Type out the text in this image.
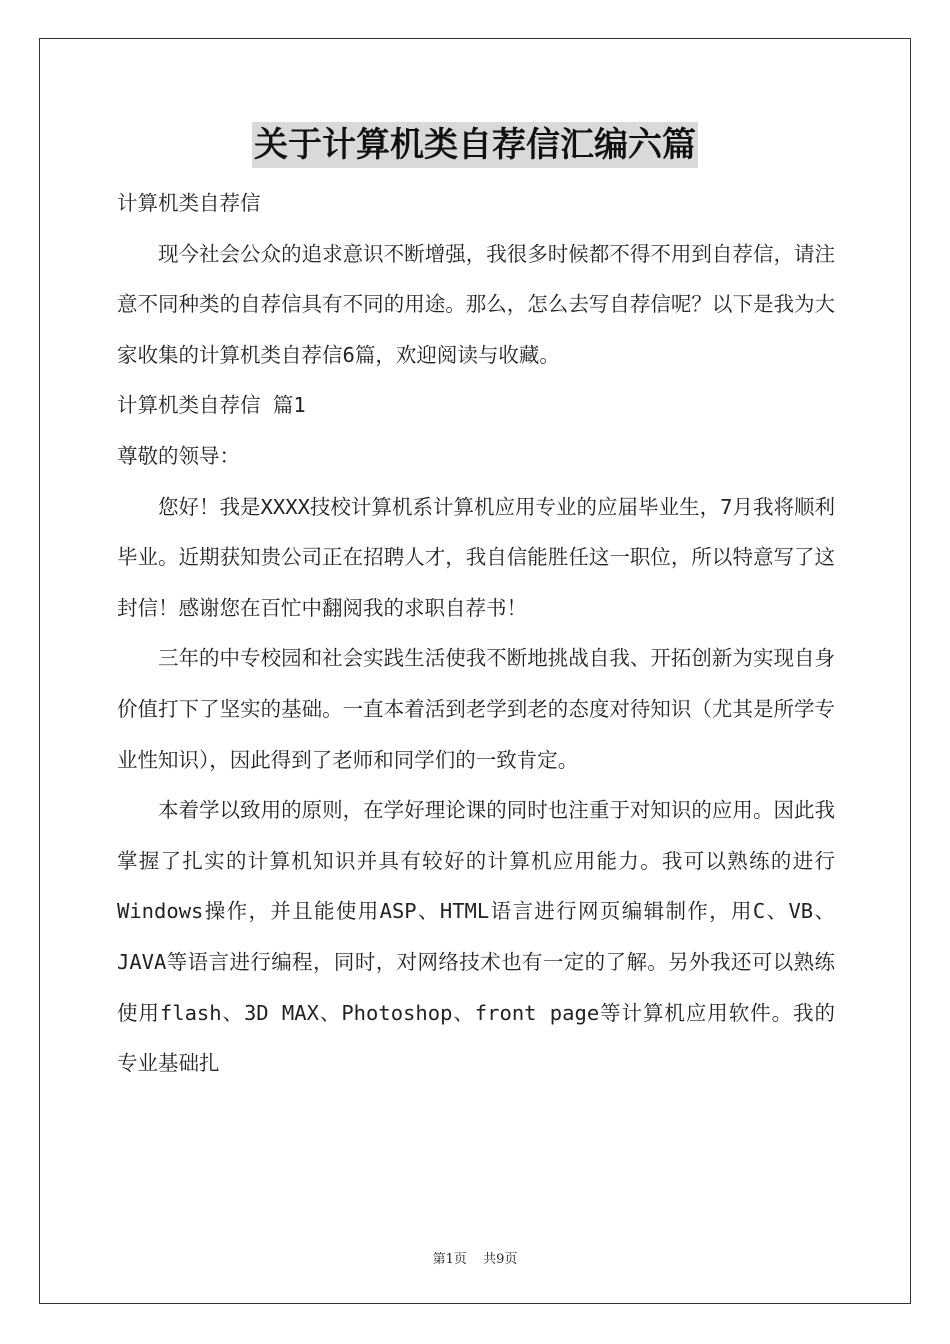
关于计算机类自荐信汇编六篇

计算机类自荐信

现今社会公众的追求意识不断增强，我很多时候都不得不用到自荐信，请注意不同种类的自荐信具有不同的用途。那么，怎么去写自荐信呢？以下是我为大家收集的计算机类自荐信6篇，欢迎阅读与收藏。

计算机类自荐信 篇1

尊敬的领导：

您好！我是XXXX技校计算机系计算机应用专业的应届毕业生，7月我将顺利毕业。近期获知贵公司正在招聘人才，我自信能胜任这一职位，所以特意写了这封信！感谢您在百忙中翻阅我的求职自荐书！

三年的中专校园和社会实践生活使我不断地挑战自我、开拓创新为实现自身价值打下了坚实的基础。一直本着活到老学到老的态度对待知识（尤其是所学专业性知识），因此得到了老师和同学们的一致肯定。

本着学以致用的原则，在学好理论课的同时也注重于对知识的应用。因此我掌握了扎实的计算机知识并具有较好的计算机应用能力。我可以熟练的进行Windows操作，并且能使用ASP、HTML语言进行网页编辑制作，用C、VB、JAVA等语言进行编程，同时，对网络技术也有一定的了解。另外我还可以熟练使用flash、3D MAX、Photoshop、front page等计算机应用软件。我的专业基础扎

第1页 共9页
